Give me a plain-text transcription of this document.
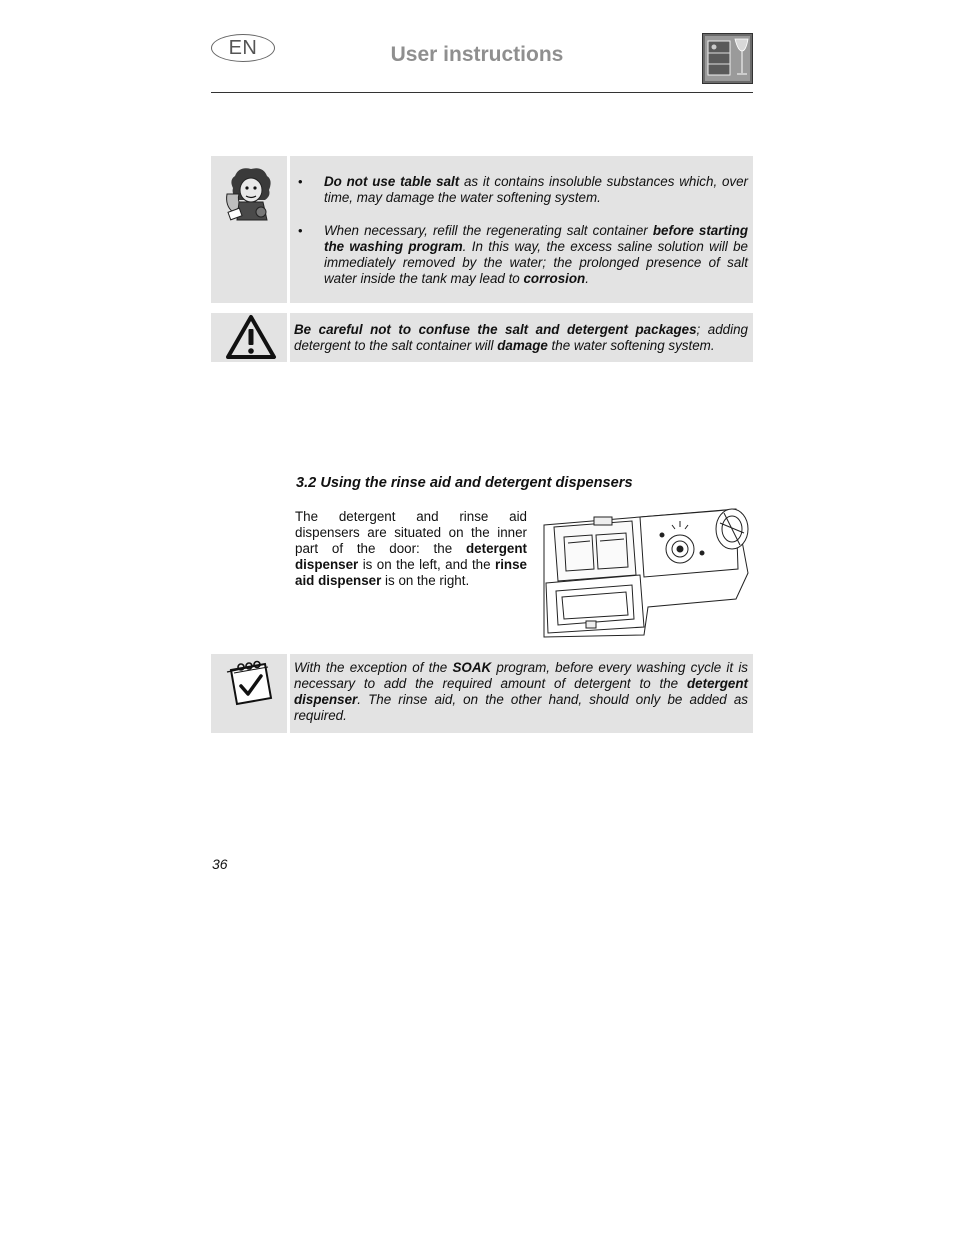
EN	User instructions
• Do not use table salt as it contains insoluble substances which, over time, may damage the water softening system.
• When necessary, refill the regenerating salt container before starting the washing program. In this way, the excess saline solution will be immediately removed by the water; the prolonged presence of salt water inside the tank may lead to corrosion.
Be careful not to confuse the salt and detergent packages; adding detergent to the salt container will damage the water softening system.
3.2 Using the rinse aid and detergent dispensers
The detergent and rinse aid dispensers are situated on the inner part of the door: the detergent dispenser is on the left, and the rinse aid dispenser is on the right.
With the exception of the SOAK program, before every washing cycle it is necessary to add the required amount of detergent to the detergent dispenser. The rinse aid, on the other hand, should only be added as required.
36
